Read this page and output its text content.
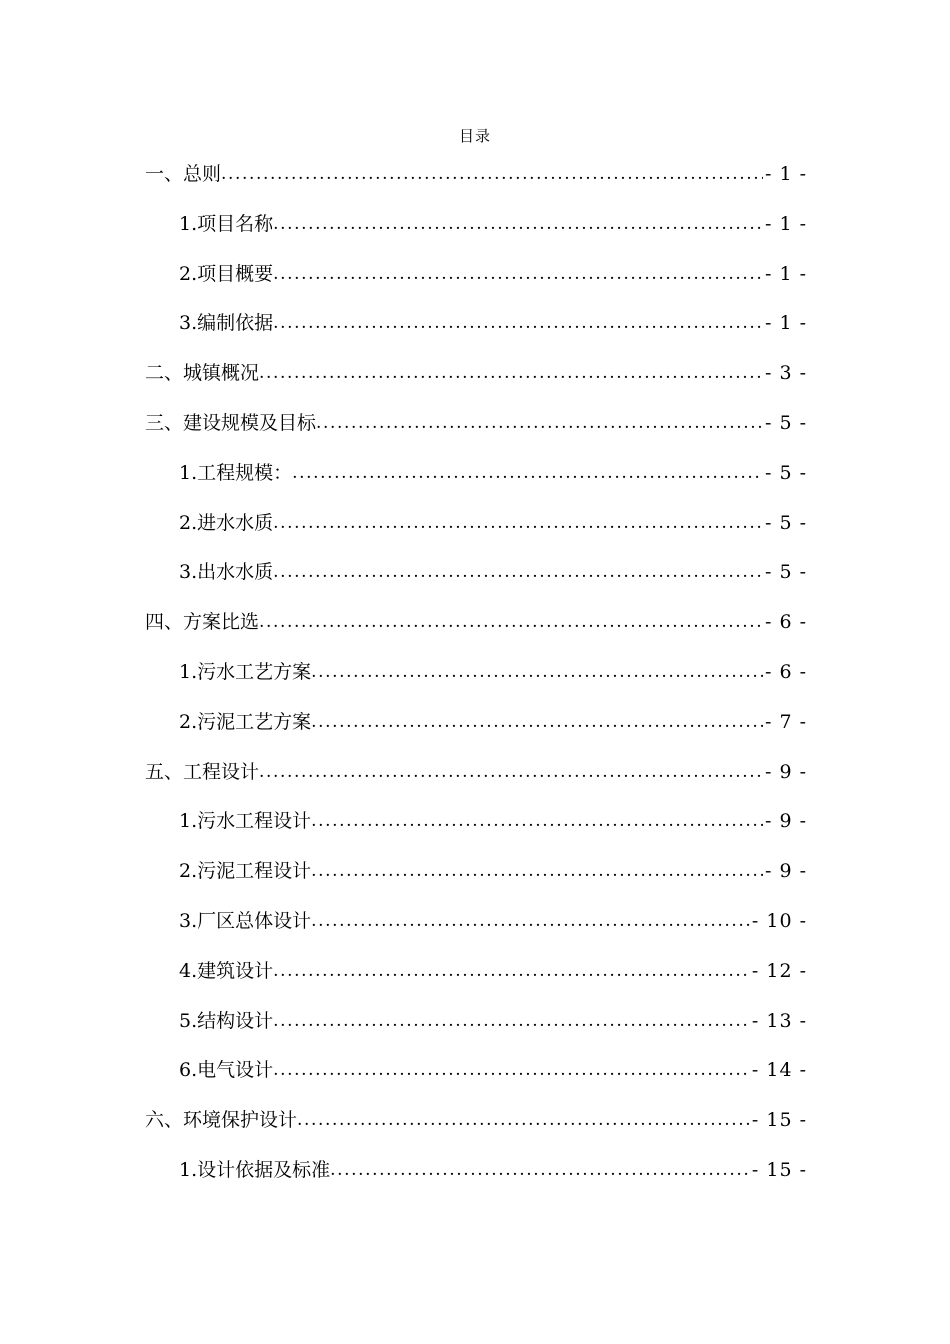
目录
一、总则 .....	- 1 -
1.项目名称 .....	- 1 -
2.项目概要 .....	- 1 -
3.编制依据 .....	- 1 -
二、城镇概况 .....	- 3 -
三、建设规模及目标 .....	- 5 -
1.工程规模： .....	- 5 -
2.进水水质 .....	- 5 -
3.出水水质 .....	- 5 -
四、方案比选 .....	- 6 -
1.污水工艺方案 .....	- 6 -
2.污泥工艺方案 .....	- 7 -
五、工程设计 .....	- 9 -
1.污水工程设计 .....	- 9 -
2.污泥工程设计 .....	- 9 -
3.厂区总体设计 .....	- 10 -
4.建筑设计 .....	- 12 -
5.结构设计 .....	- 13 -
6.电气设计 .....	- 14 -
六、环境保护设计 .....	- 15 -
1.设计依据及标准 .....	- 15 -
